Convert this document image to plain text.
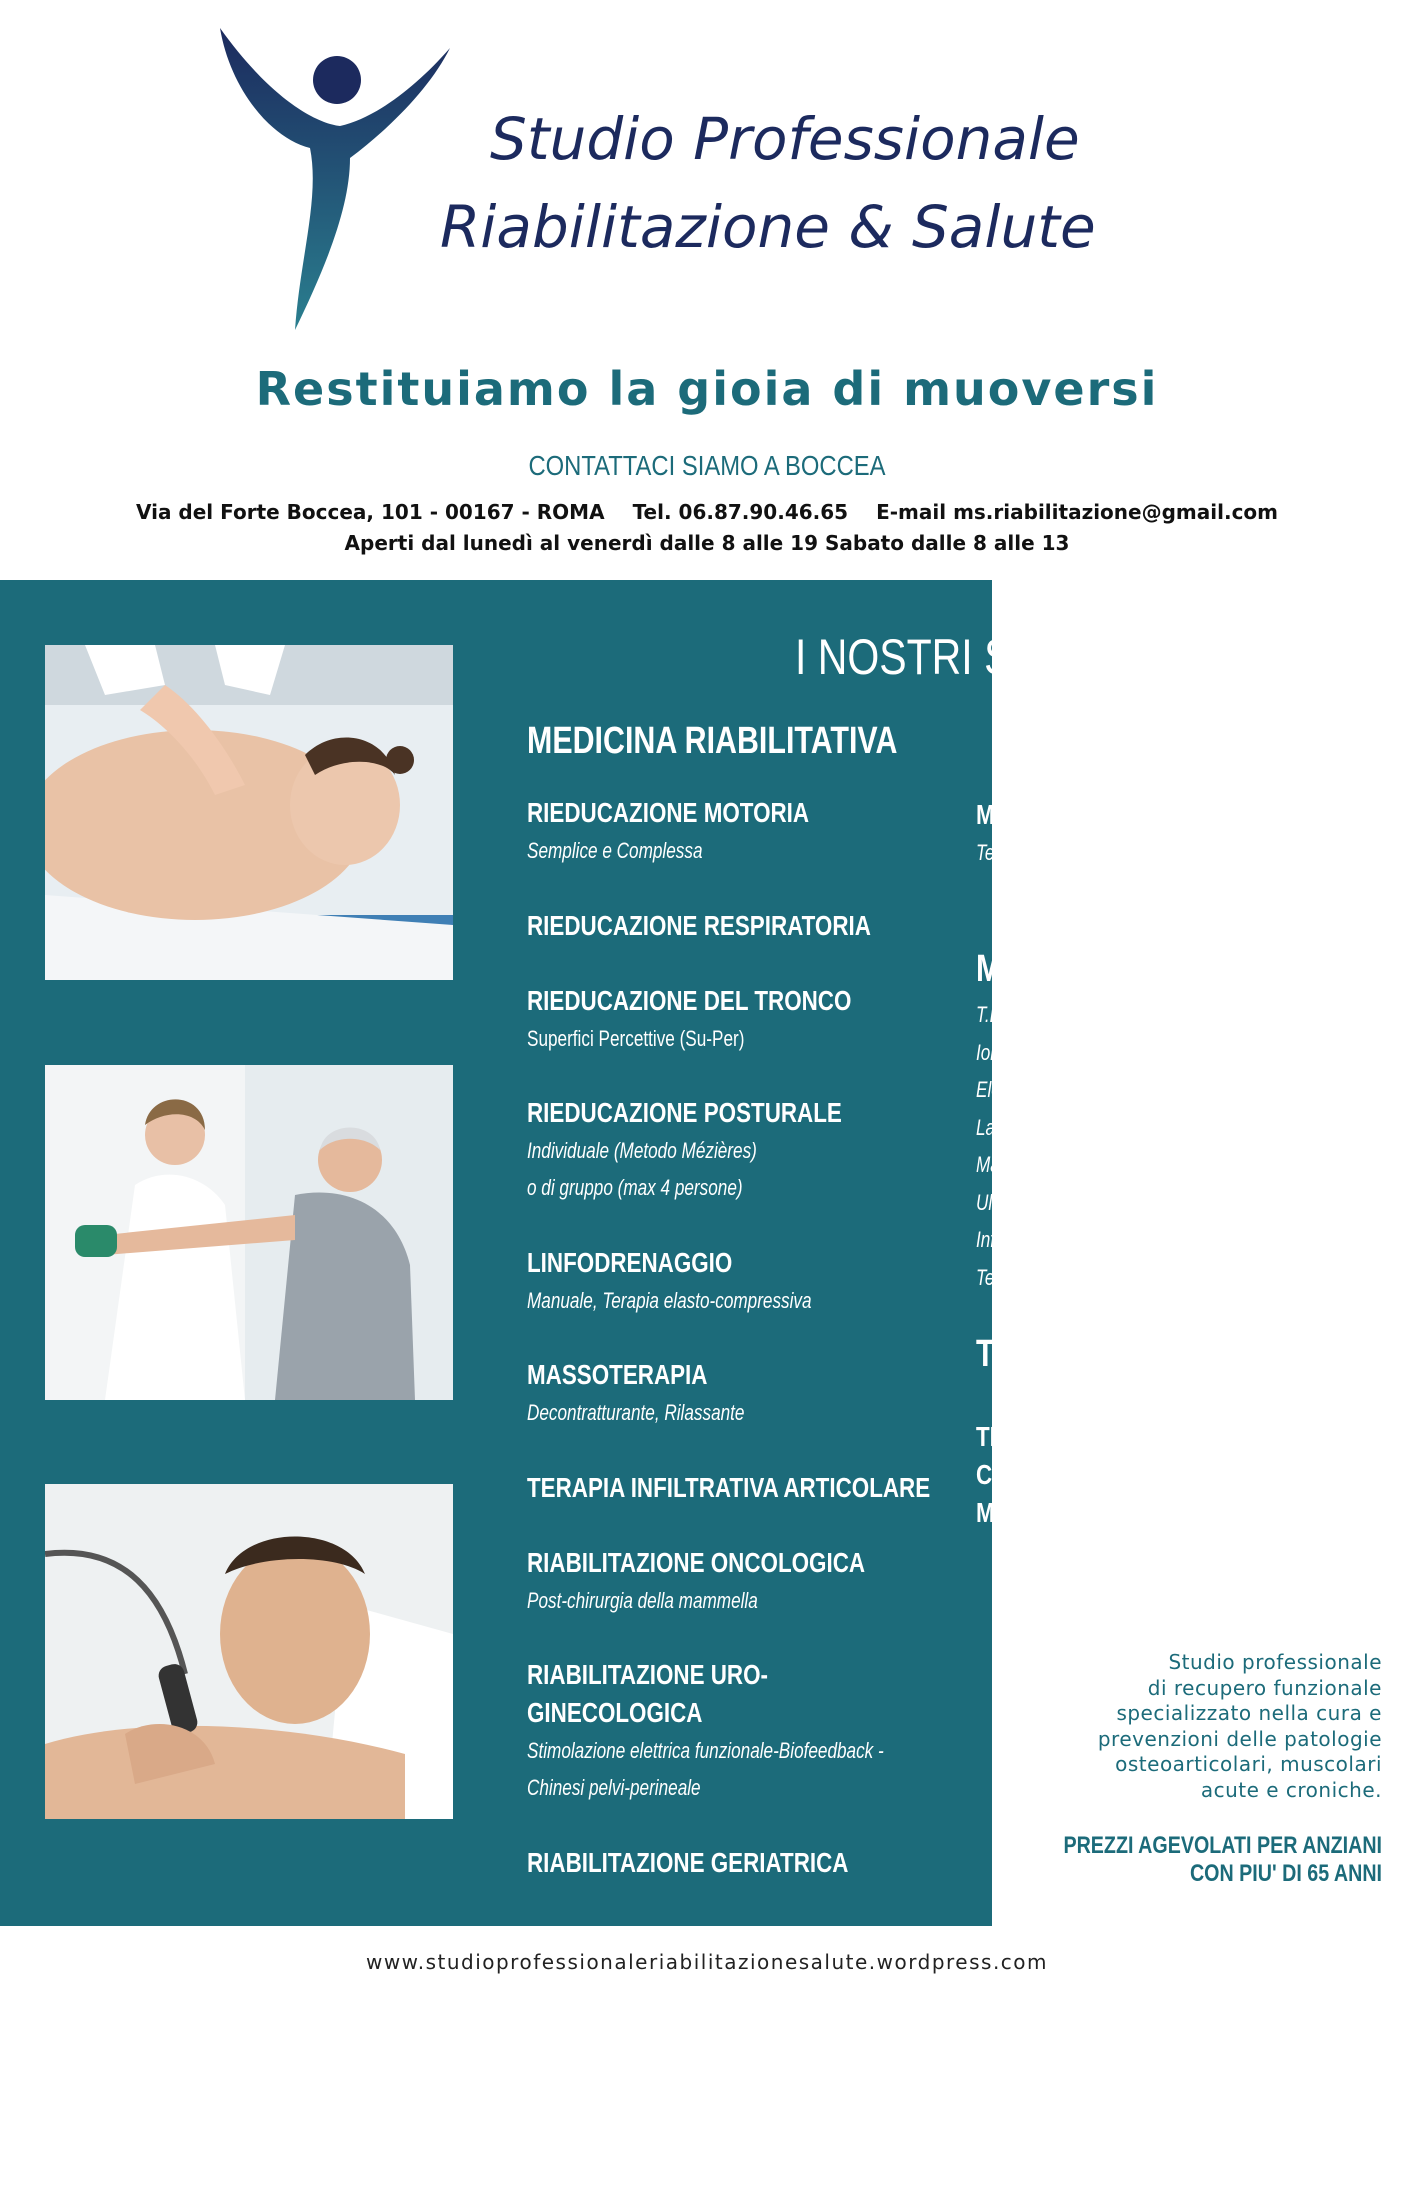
Studio Professionale
Riabilitazione & Salute
Restituiamo la gioia di muoversi
CONTATTACI SIAMO A BOCCEA
Via del Forte Boccea, 101 - 00167 - ROMA Tel. 06.87.90.46.65 E-mail ms.riabilitazione@gmail.com
Aperti dal lunedì al venerdì dalle 8 alle 19 Sabato dalle 8 alle 13
I NOSTRI SERVIZII
MEDICINA RIABILITATIVA
RIEDUCAZIONE MOTORIA
Semplice e Complessa
RIEDUCAZIONE RESPIRATORIA
RIEDUCAZIONE DEL TRONCO
Superfici Percettive (Su-Per)
RIEDUCAZIONE POSTURALE
Individuale (Metodo Mézières)
o di gruppo (max 4 persone)
LINFODRENAGGIO
Manuale, Terapia elasto-compressiva
MASSOTERAPIA
Decontratturante, Rilassante
TERAPIA INFILTRATIVA ARTICOLARE
RIABILITAZIONE ONCOLOGICA
Post-chirurgia della mammella
RIABILITAZIONE URO-
GINECOLOGICA
Stimolazione elettrica funzionale-Biofeedback -
Chinesi pelvi-perineale
RIABILITAZIONE GERIATRICA
MESOTERAPIA
Terapia del dolore
MEDICINA FISICA
T.E.N.S
Ionoforesi
Elettrostimolazioni
Laser
Magneto
Ultrasuoni
Infrarossi
Tecar
TERAPIA DOMICILIARE
TERAPIE MIRATE DELLA
CERVICALGIA, LOMBALGIA E
MALATTIE ARTROSICHE
Studio professionale
di recupero funzionale
specializzato nella cura e
prevenzioni delle patologie
osteoarticolari, muscolari
acute e croniche.
PREZZI AGEVOLATI PER ANZIANI
CON PIU' DI 65 ANNI
www.studioprofessionaleriabilitazionesalute.wordpress.com
